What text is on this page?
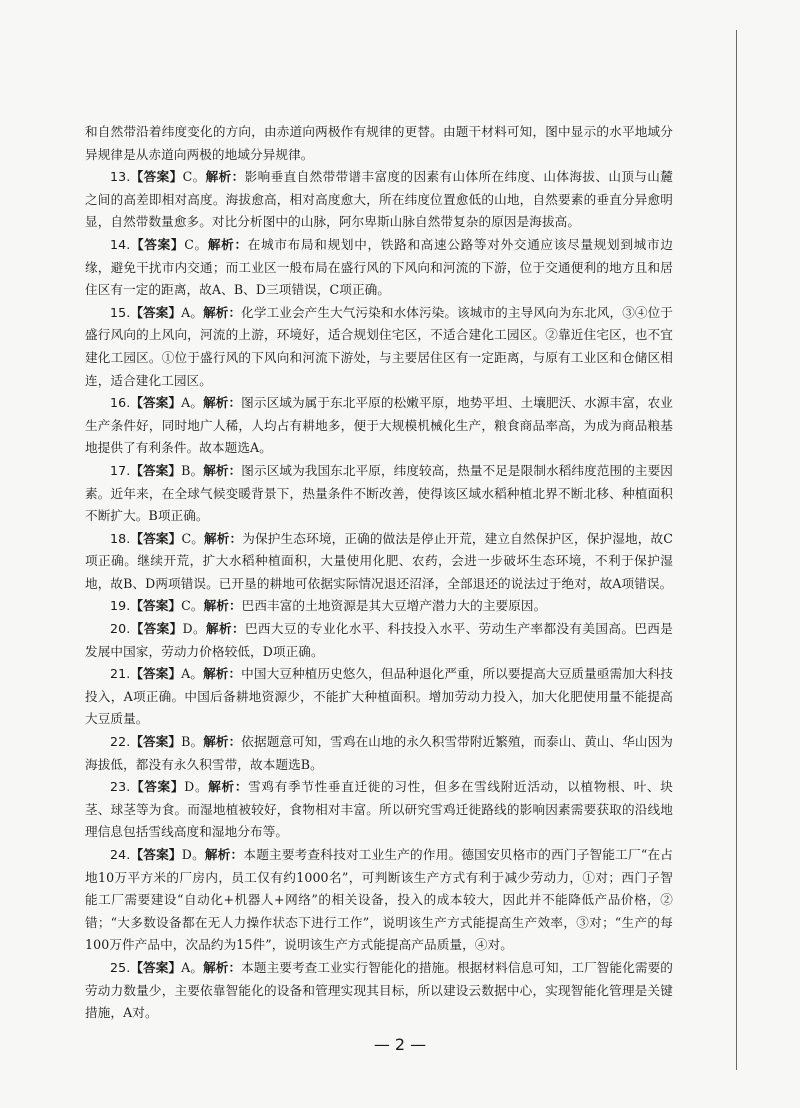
和自然带沿着纬度变化的方向，由赤道向两极作有规律的更替。由题干材料可知，图中显示的水平地域分异规律是从赤道向两极的地域分异规律。

13.【答案】C。解析：影响垂直自然带带谱丰富度的因素有山体所在纬度、山体海拔、山顶与山麓之间的高差即相对高度。海拔愈高，相对高度愈大，所在纬度位置愈低的山地，自然要素的垂直分异愈明显，自然带数量愈多。对比分析图中的山脉，阿尔卑斯山脉自然带复杂的原因是海拔高。

14.【答案】C。解析：在城市布局和规划中，铁路和高速公路等对外交通应该尽量规划到城市边缘，避免干扰市内交通；而工业区一般布局在盛行风的下风向和河流的下游，位于交通便利的地方且和居住区有一定的距离，故A、B、D三项错误，C项正确。

15.【答案】A。解析：化学工业会产生大气污染和水体污染。该城市的主导风向为东北风，③④位于盛行风向的上风向，河流的上游，环境好，适合规划住宅区，不适合建化工园区。②靠近住宅区，也不宜建化工园区。①位于盛行风的下风向和河流下游处，与主要居住区有一定距离，与原有工业区和仓储区相连，适合建化工园区。

16.【答案】A。解析：图示区域为属于东北平原的松嫩平原，地势平坦、土壤肥沃、水源丰富，农业生产条件好，同时地广人稀，人均占有耕地多，便于大规模机械化生产，粮食商品率高，为成为商品粮基地提供了有利条件。故本题选A。

17.【答案】B。解析：图示区域为我国东北平原，纬度较高，热量不足是限制水稻纬度范围的主要因素。近年来，在全球气候变暖背景下，热量条件不断改善，使得该区域水稻种植北界不断北移、种植面积不断扩大。B项正确。

18.【答案】C。解析：为保护生态环境，正确的做法是停止开荒，建立自然保护区，保护湿地，故C项正确。继续开荒，扩大水稻种植面积，大量使用化肥、农药，会进一步破坏生态环境，不利于保护湿地，故B、D两项错误。已开垦的耕地可依据实际情况退还沼泽，全部退还的说法过于绝对，故A项错误。

19.【答案】C。解析：巴西丰富的土地资源是其大豆增产潜力大的主要原因。

20.【答案】D。解析：巴西大豆的专业化水平、科技投入水平、劳动生产率都没有美国高。巴西是发展中国家，劳动力价格较低，D项正确。

21.【答案】A。解析：中国大豆种植历史悠久，但品种退化严重，所以要提高大豆质量亟需加大科技投入，A项正确。中国后备耕地资源少，不能扩大种植面积。增加劳动力投入，加大化肥使用量不能提高大豆质量。

22.【答案】B。解析：依据题意可知，雪鸡在山地的永久积雪带附近繁殖，而泰山、黄山、华山因为海拔低，都没有永久积雪带，故本题选B。

23.【答案】D。解析：雪鸡有季节性垂直迁徙的习性，但多在雪线附近活动，以植物根、叶、块茎、球茎等为食。而湿地植被较好，食物相对丰富。所以研究雪鸡迁徙路线的影响因素需要获取的沿线地理信息包括雪线高度和湿地分布等。

24.【答案】D。解析：本题主要考查科技对工业生产的作用。德国安贝格市的西门子智能工厂“在占地10万平方米的厂房内，员工仅有约1000名”，可判断该生产方式有利于减少劳动力，①对；西门子智能工厂需要建设“自动化+机器人+网络”的相关设备，投入的成本较大，因此并不能降低产品价格，②错；“大多数设备都在无人力操作状态下进行工作”，说明该生产方式能提高生产效率，③对；“生产的每100万件产品中，次品约为15件”，说明该生产方式能提高产品质量，④对。

25.【答案】A。解析：本题主要考查工业实行智能化的措施。根据材料信息可知，工厂智能化需要的劳动力数量少，主要依靠智能化的设备和管理实现其目标，所以建设云数据中心，实现智能化管理是关键措施，A对。

— 2 —
